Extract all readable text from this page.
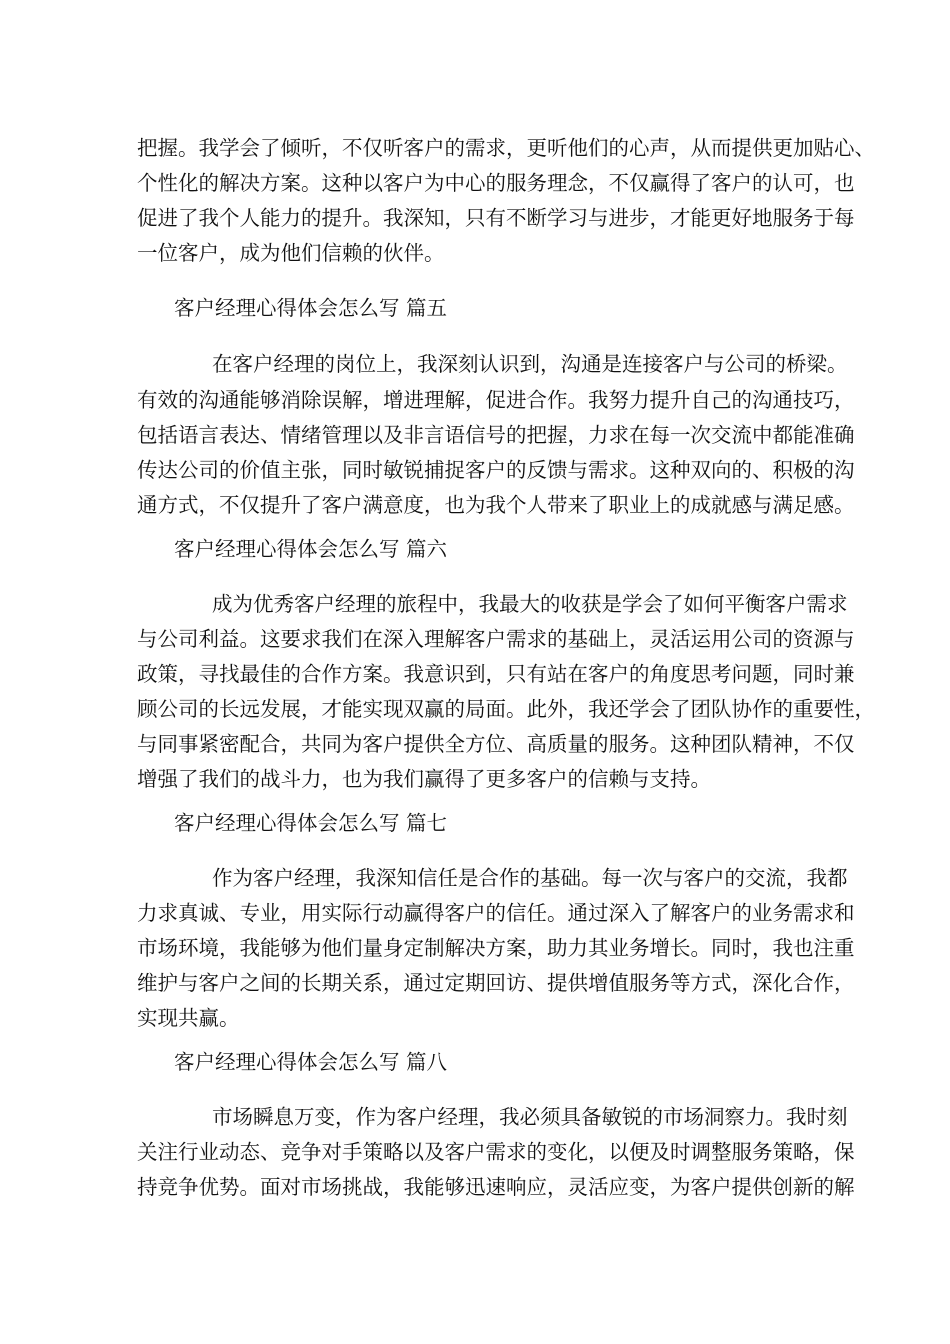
把握。我学会了倾听，不仅听客户的需求，更听他们的心声，从而提供更加贴心、
个性化的解决方案。这种以客户为中心的服务理念，不仅赢得了客户的认可，也
促进了我个人能力的提升。我深知，只有不断学习与进步，才能更好地服务于每
一位客户，成为他们信赖的伙伴。
客户经理心得体会怎么写 篇五
在客户经理的岗位上，我深刻认识到，沟通是连接客户与公司的桥梁。
有效的沟通能够消除误解，增进理解，促进合作。我努力提升自己的沟通技巧，
包括语言表达、情绪管理以及非言语信号的把握，力求在每一次交流中都能准确
传达公司的价值主张，同时敏锐捕捉客户的反馈与需求。这种双向的、积极的沟
通方式，不仅提升了客户满意度，也为我个人带来了职业上的成就感与满足感。
客户经理心得体会怎么写 篇六
成为优秀客户经理的旅程中，我最大的收获是学会了如何平衡客户需求
与公司利益。这要求我们在深入理解客户需求的基础上，灵活运用公司的资源与
政策，寻找最佳的合作方案。我意识到，只有站在客户的角度思考问题，同时兼
顾公司的长远发展，才能实现双赢的局面。此外，我还学会了团队协作的重要性，
与同事紧密配合，共同为客户提供全方位、高质量的服务。这种团队精神，不仅
增强了我们的战斗力，也为我们赢得了更多客户的信赖与支持。
客户经理心得体会怎么写 篇七
作为客户经理，我深知信任是合作的基础。每一次与客户的交流，我都
力求真诚、专业，用实际行动赢得客户的信任。通过深入了解客户的业务需求和
市场环境，我能够为他们量身定制解决方案，助力其业务增长。同时，我也注重
维护与客户之间的长期关系，通过定期回访、提供增值服务等方式，深化合作，
实现共赢。
客户经理心得体会怎么写 篇八
市场瞬息万变，作为客户经理，我必须具备敏锐的市场洞察力。我时刻
关注行业动态、竞争对手策略以及客户需求的变化，以便及时调整服务策略，保
持竞争优势。面对市场挑战，我能够迅速响应，灵活应变，为客户提供创新的解
